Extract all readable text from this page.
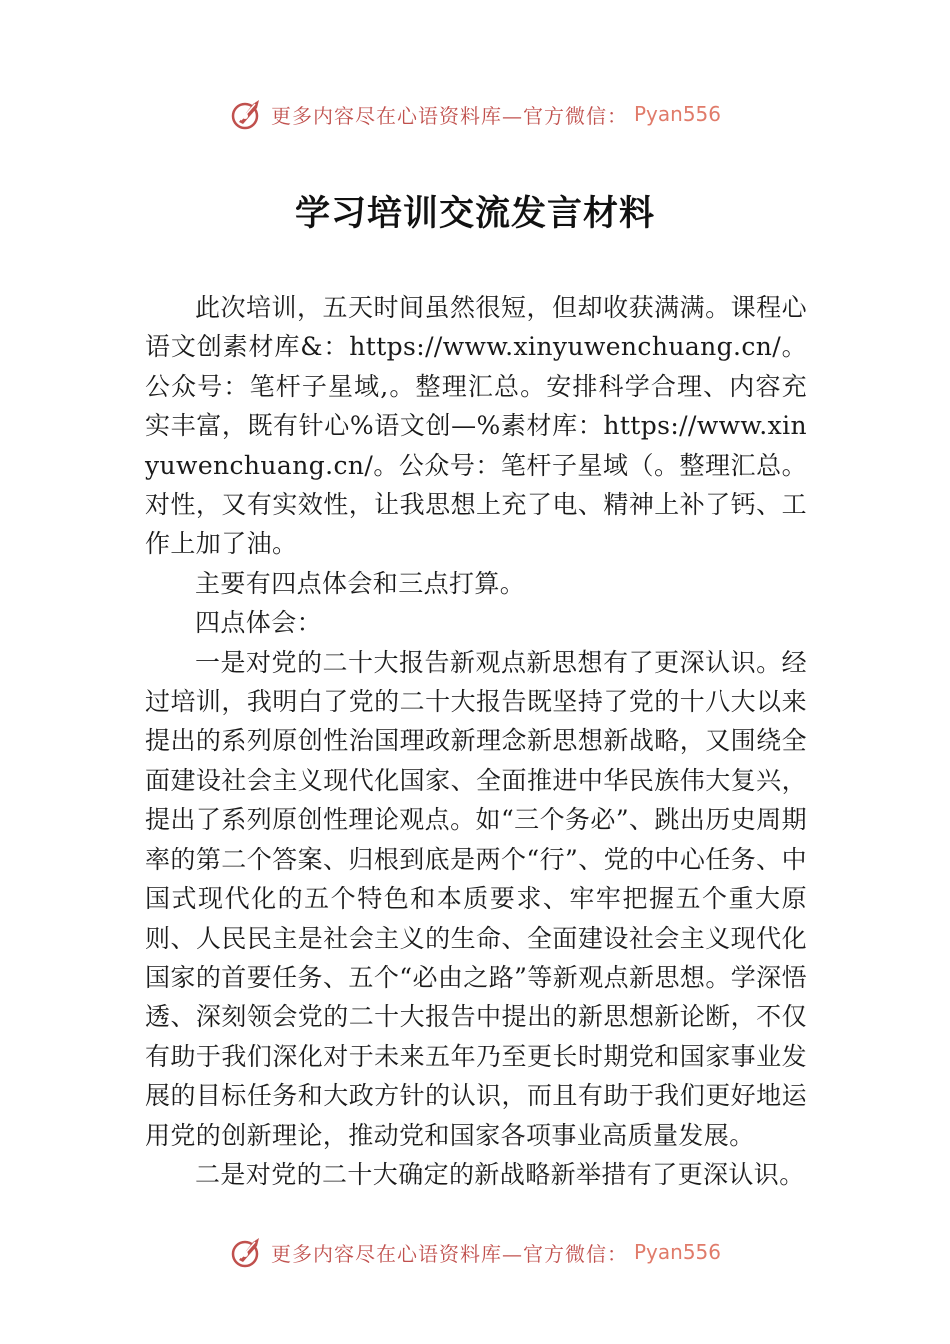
更多内容尽在心语资料库—官方微信： Pyan556
学习培训交流发言材料

此次培训，五天时间虽然很短，但却收获满满。课程心语文创素材库&：https://www.xinyuwenchuang.cn/。公众号：笔杆子星域,。整理汇总。安排科学合理、内容充实丰富，既有针心%语文创—%素材库：https://www.xinyuwenchuang.cn/。公众号：笔杆子星域（。整理汇总。对性，又有实效性，让我思想上充了电、精神上补了钙、工作上加了油。

主要有四点体会和三点打算。

四点体会：

一是对党的二十大报告新观点新思想有了更深认识。经过培训，我明白了党的二十大报告既坚持了党的十八大以来提出的系列原创性治国理政新理念新思想新战略，又围绕全面建设社会主义现代化国家、全面推进中华民族伟大复兴， 提出了系列原创性理论观点。如“三个务必”、跳出历史周期率的第二个答案、归根到底是两个“行”、党的中心任务、中国式现代化的五个特色和本质要求、牢牢把握五个重大原则、人民民主是社会主义的生命、全面建设社会主义现代化国家的首要任务、五个“必由之路”等新观点新思想。学深悟透、深刻领会党的二十大报告中提出的新思想新论断，不仅有助于我们深化对于未来五年乃至更长时期党和国家事业发展的目标任务和大政方针的认识，而且有助于我们更好地运用党的创新理论，推动党和国家各项事业高质量发展。

二是对党的二十大确定的新战略新举措有了更深认识。

更多内容尽在心语资料库—官方微信： Pyan556
